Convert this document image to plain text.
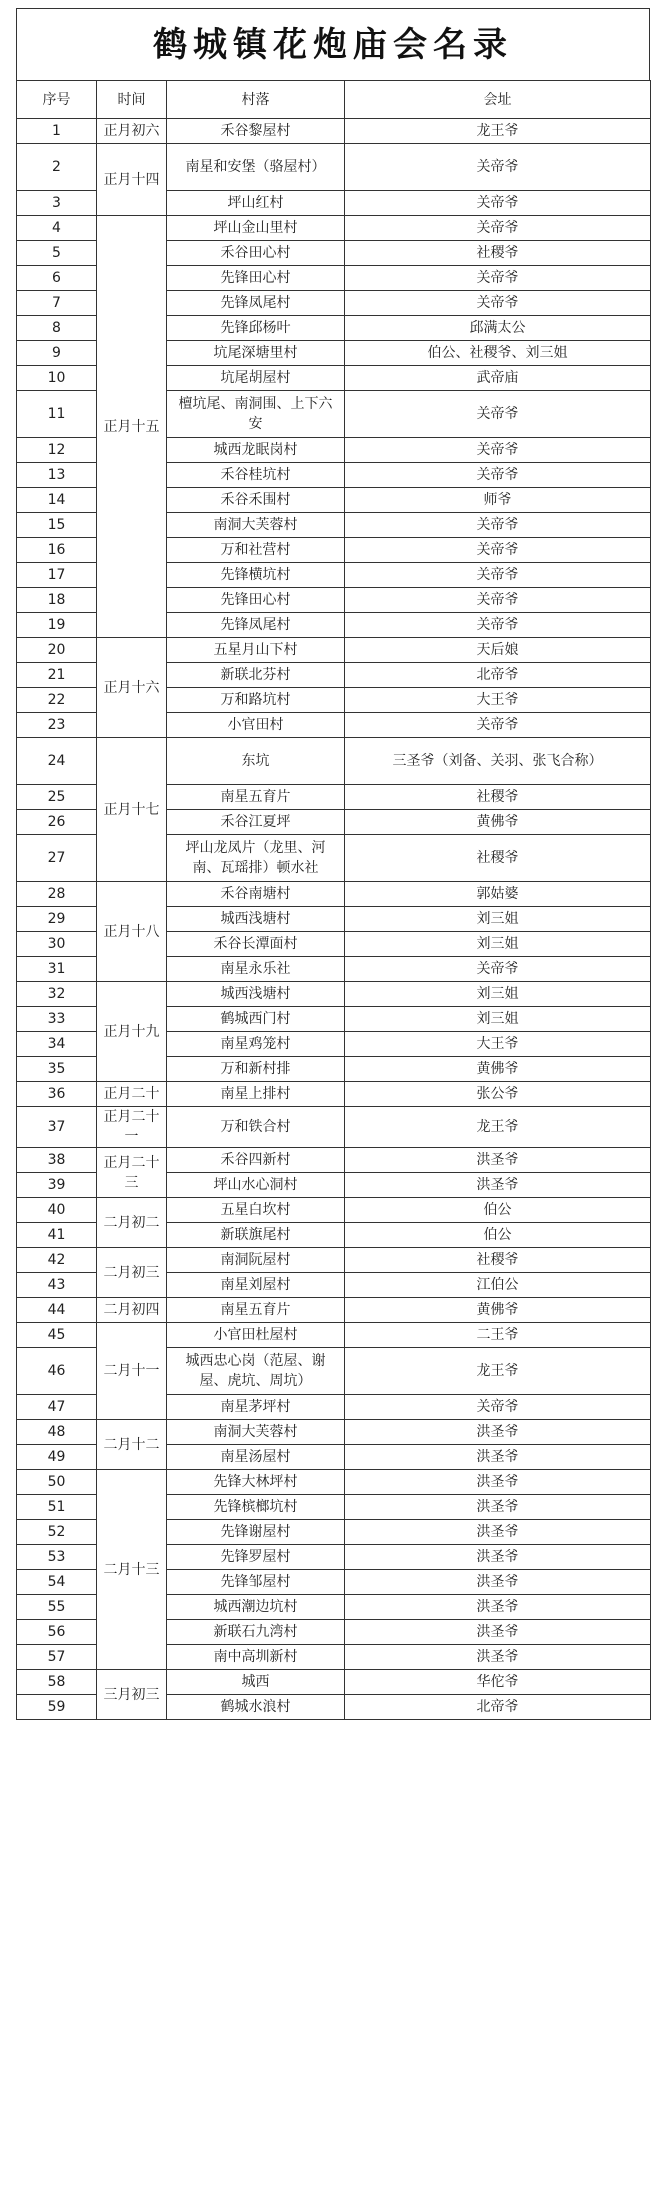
鹤城镇花炮庙会名录
序号	时间	村落	会址
1	正月初六	禾谷黎屋村	龙王爷
2	正月十四	南星和安堡（骆屋村）	关帝爷
3		坪山红村	关帝爷
4	正月十五	坪山金山里村	关帝爷
5		禾谷田心村	社稷爷
6		先锋田心村	关帝爷
7		先锋凤尾村	关帝爷
8		先锋邱杨叶	邱满太公
9		坑尾深塘里村	伯公、社稷爷、刘三姐
10		坑尾胡屋村	武帝庙
11		檀坑尾、南洞围、上下六安	关帝爷
12		城西龙眠岗村	关帝爷
13		禾谷桂坑村	关帝爷
14		禾谷禾围村	师爷
15		南洞大芙蓉村	关帝爷
16		万和社营村	关帝爷
17		先锋横坑村	关帝爷
18		先锋田心村	关帝爷
19		先锋凤尾村	关帝爷
20	正月十六	五星月山下村	天后娘
21		新联北芬村	北帝爷
22		万和路坑村	大王爷
23		小官田村	关帝爷
24	正月十七	东坑	三圣爷（刘备、关羽、张飞合称）
25		南星五育片	社稷爷
26		禾谷江夏坪	黄佛爷
27		坪山龙凤片（龙里、河南、瓦瑶排）顿水社	社稷爷
28	正月十八	禾谷南塘村	郭姑婆
29		城西浅塘村	刘三姐
30		禾谷长潭面村	刘三姐
31		南星永乐社	关帝爷
32	正月十九	城西浅塘村	刘三姐
33		鹤城西门村	刘三姐
34		南星鸡笼村	大王爷
35		万和新村排	黄佛爷
36	正月二十	南星上排村	张公爷
37	正月二十一	万和铁合村	龙王爷
38	正月二十三	禾谷四新村	洪圣爷
39		坪山水心洞村	洪圣爷
40	二月初二	五星白坎村	伯公
41		新联旗尾村	伯公
42	二月初三	南洞阮屋村	社稷爷
43		南星刘屋村	江伯公
44	二月初四	南星五育片	黄佛爷
45	二月十一	小官田杜屋村	二王爷
46		城西忠心岗（范屋、谢屋、虎坑、周坑）	龙王爷
47		南星茅坪村	关帝爷
48	二月十二	南洞大芙蓉村	洪圣爷
49		南星汤屋村	洪圣爷
50	二月十三	先锋大林坪村	洪圣爷
51		先锋槟榔坑村	洪圣爷
52		先锋谢屋村	洪圣爷
53		先锋罗屋村	洪圣爷
54		先锋邹屋村	洪圣爷
55		城西潮边坑村	洪圣爷
56		新联石九湾村	洪圣爷
57		南中高圳新村	洪圣爷
58	三月初三	城西	华佗爷
59		鹤城水浪村	北帝爷
